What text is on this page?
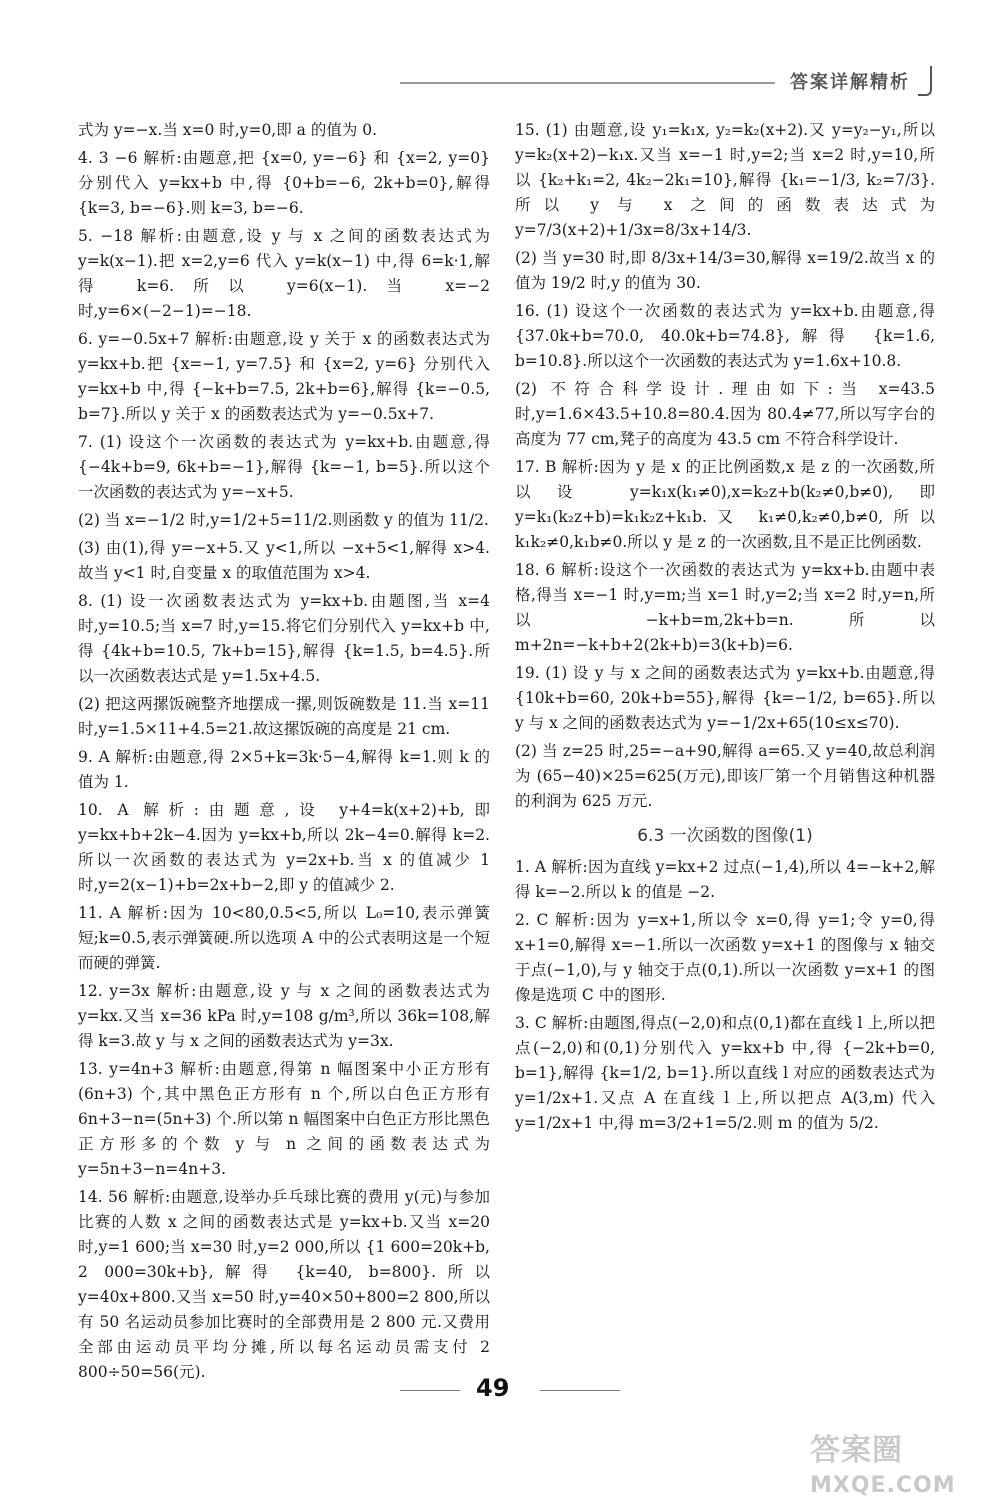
答案详解精析
式为 y=−x.当 x=0 时,y=0,即 a 的值为 0.
4. 3 −6 解析:由题意,把 {x=0, y=−6} 和 {x=2, y=0} 分别代入 y=kx+b 中,得 {0+b=−6, 2k+b=0},解得 {k=3, b=−6}.则 k=3, b=−6.
5. −18 解析:由题意,设 y 与 x 之间的函数表达式为 y=k(x−1).把 x=2,y=6 代入 y=k(x−1) 中,得 6=k·1,解得 k=6.所以 y=6(x−1).当 x=−2 时,y=6×(−2−1)=−18.
6. y=−0.5x+7 解析:由题意,设 y 关于 x 的函数表达式为 y=kx+b.把 {x=−1, y=7.5} 和 {x=2, y=6} 分别代入 y=kx+b 中,得 {−k+b=7.5, 2k+b=6},解得 {k=−0.5, b=7}.所以 y 关于 x 的函数表达式为 y=−0.5x+7.
7. (1) 设这个一次函数的表达式为 y=kx+b.由题意,得 {−4k+b=9, 6k+b=−1},解得 {k=−1, b=5}.所以这个一次函数的表达式为 y=−x+5.
(2) 当 x=−1/2 时,y=1/2+5=11/2.则函数 y 的值为 11/2.
(3) 由(1),得 y=−x+5.又 y<1,所以 −x+5<1,解得 x>4.故当 y<1 时,自变量 x 的取值范围为 x>4.
8. (1) 设一次函数表达式为 y=kx+b.由题图,当 x=4 时,y=10.5;当 x=7 时,y=15.将它们分别代入 y=kx+b 中,得 {4k+b=10.5, 7k+b=15},解得 {k=1.5, b=4.5}.所以一次函数表达式是 y=1.5x+4.5.
(2) 把这两摞饭碗整齐地摆成一摞,则饭碗数是 11.当 x=11 时,y=1.5×11+4.5=21.故这摞饭碗的高度是 21 cm.
9. A 解析:由题意,得 2×5+k=3k·5−4,解得 k=1.则 k 的值为 1.
10. A 解析:由题意,设 y+4=k(x+2)+b,即 y=kx+b+2k−4.因为 y=kx+b,所以 2k−4=0.解得 k=2.所以一次函数的表达式为 y=2x+b.当 x 的值减少 1 时,y=2(x−1)+b=2x+b−2,即 y 的值减少 2.
11. A 解析:因为 10<80,0.5<5,所以 L₀=10,表示弹簧短;k=0.5,表示弹簧硬.所以选项 A 中的公式表明这是一个短而硬的弹簧.
12. y=3x 解析:由题意,设 y 与 x 之间的函数表达式为 y=kx.又当 x=36 kPa 时,y=108 g/m³,所以 36k=108,解得 k=3.故 y 与 x 之间的函数表达式为 y=3x.
13. y=4n+3 解析:由题意,得第 n 幅图案中小正方形有 (6n+3) 个,其中黑色正方形有 n 个,所以白色正方形有 6n+3−n=(5n+3) 个.所以第 n 幅图案中白色正方形比黑色正方形多的个数 y 与 n 之间的函数表达式为 y=5n+3−n=4n+3.
14. 56 解析:由题意,设举办乒乓球比赛的费用 y(元)与参加比赛的人数 x 之间的函数表达式是 y=kx+b.又当 x=20 时,y=1 600;当 x=30 时,y=2 000,所以 {1 600=20k+b, 2 000=30k+b},解得 {k=40, b=800}.所以 y=40x+800.又当 x=50 时,y=40×50+800=2 800,所以有 50 名运动员参加比赛时的全部费用是 2 800 元.又费用全部由运动员平均分摊,所以每名运动员需支付 2 800÷50=56(元).
15. (1) 由题意,设 y₁=k₁x, y₂=k₂(x+2).又 y=y₂−y₁,所以 y=k₂(x+2)−k₁x.又当 x=−1 时,y=2;当 x=2 时,y=10,所以 {k₂+k₁=2, 4k₂−2k₁=10},解得 {k₁=−1/3, k₂=7/3}.所以 y 与 x 之间的函数表达式为 y=7/3(x+2)+1/3x=8/3x+14/3.
(2) 当 y=30 时,即 8/3x+14/3=30,解得 x=19/2.故当 x 的值为 19/2 时,y 的值为 30.
16. (1) 设这个一次函数的表达式为 y=kx+b.由题意,得 {37.0k+b=70.0, 40.0k+b=74.8},解得 {k=1.6, b=10.8}.所以这个一次函数的表达式为 y=1.6x+10.8.
(2) 不符合科学设计.理由如下:当 x=43.5 时,y=1.6×43.5+10.8=80.4.因为 80.4≠77,所以写字台的高度为 77 cm,凳子的高度为 43.5 cm 不符合科学设计.
17. B 解析:因为 y 是 x 的正比例函数,x 是 z 的一次函数,所以设 y=k₁x(k₁≠0),x=k₂z+b(k₂≠0,b≠0),即 y=k₁(k₂z+b)=k₁k₂z+k₁b.又 k₁≠0,k₂≠0,b≠0,所以 k₁k₂≠0,k₁b≠0.所以 y 是 z 的一次函数,且不是正比例函数.
18. 6 解析:设这个一次函数的表达式为 y=kx+b.由题中表格,得当 x=−1 时,y=m;当 x=1 时,y=2;当 x=2 时,y=n,所以 −k+b=m,2k+b=n.所以 m+2n=−k+b+2(2k+b)=3(k+b)=6.
19. (1) 设 y 与 x 之间的函数表达式为 y=kx+b.由题意,得 {10k+b=60, 20k+b=55},解得 {k=−1/2, b=65}.所以 y 与 x 之间的函数表达式为 y=−1/2x+65(10≤x≤70).
(2) 当 z=25 时,25=−a+90,解得 a=65.又 y=40,故总利润为 (65−40)×25=625(万元),即该厂第一个月销售这种机器的利润为 625 万元.
6.3 一次函数的图像(1)
1. A 解析:因为直线 y=kx+2 过点(−1,4),所以 4=−k+2,解得 k=−2.所以 k 的值是 −2.
2. C 解析:因为 y=x+1,所以令 x=0,得 y=1;令 y=0,得 x+1=0,解得 x=−1.所以一次函数 y=x+1 的图像与 x 轴交于点(−1,0),与 y 轴交于点(0,1).所以一次函数 y=x+1 的图像是选项 C 中的图形.
3. C 解析:由题图,得点(−2,0)和点(0,1)都在直线 l 上,所以把点(−2,0)和(0,1)分别代入 y=kx+b 中,得 {−2k+b=0, b=1},解得 {k=1/2, b=1}.所以直线 l 对应的函数表达式为 y=1/2x+1.又点 A 在直线 l 上,所以把点 A(3,m) 代入 y=1/2x+1 中,得 m=3/2+1=5/2.则 m 的值为 5/2.
49
答案圈
MXQE.COM
